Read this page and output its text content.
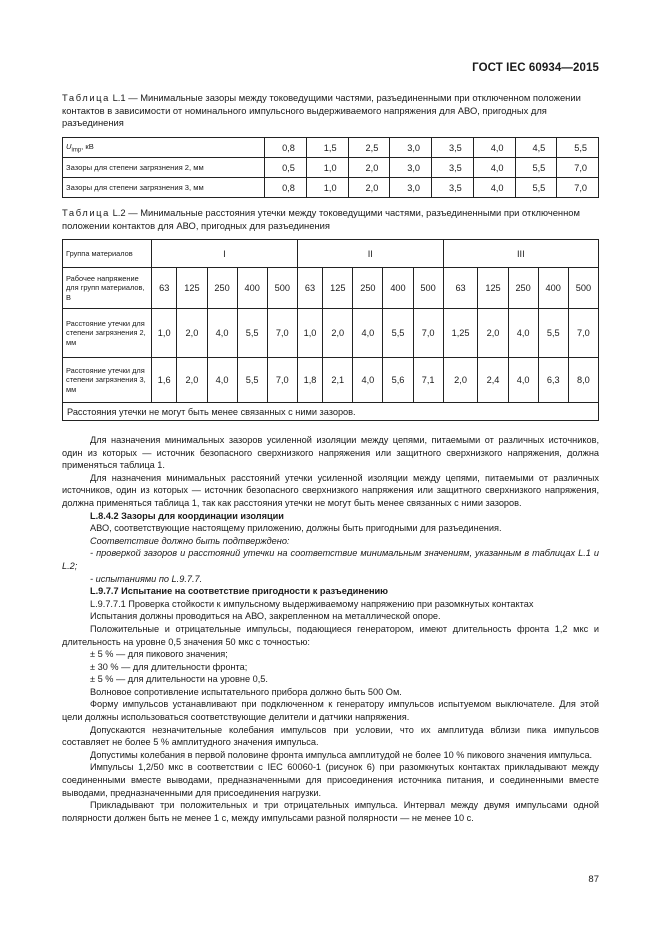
ГОСТ IEC 60934—2015
Таблица L.1 — Минимальные зазоры между токоведущими частями, разъединенными при отключенном положении контактов в зависимости от номинального импульсного выдерживаемого напряжения для АВО, пригодных для разъединения
$U_{imp}$, кВ	0,8	1,5	2,5	3,0	3,5	4,0	4,5	5,5
Зазоры для степени загрязнения 2, мм	0,5	1,0	2,0	3,0	3,5	4,0	5,5	7,0
Зазоры для степени загрязнения 3, мм	0,8	1,0	2,0	3,0	3,5	4,0	5,5	7,0
Таблица L.2 — Минимальные расстояния утечки между токоведущими частями, разъединенными при отключенном положении контактов для АВО, пригодных для разъединения
Группа материалов	I					II					III				
Рабочее напряжение для групп материалов, В	63	125	250	400	500	63	125	250	400	500	63	125	250	400	500
Расстояние утечки для степени загрязнения 2, мм	1,0	2,0	4,0	5,5	7,0	1,0	2,0	4,0	5,5	7,0	1,25	2,0	4,0	5,5	7,0
Расстояние утечки для степени загрязнения 3, мм	1,6	2,0	4,0	5,5	7,0	1,8	2,1	4,0	5,6	7,1	2,0	2,4	4,0	6,3	8,0
Расстояния утечки не могут быть менее связанных с ними зазоров.															

Для назначения минимальных зазоров усиленной изоляции между цепями, питаемыми от различных источников, один из которых — источник безопасного сверхнизкого напряжения или защитного сверхнизкого напряжения, должна применяться таблица 1.

Для назначения минимальных расстояний утечки усиленной изоляции между цепями, питаемыми от различных источников, один из которых — источник безопасного сверхнизкого напряжения или защитного сверхнизкого напряжения, должна применяться таблица 1, так как расстояния утечки не могут быть менее связанных с ними зазоров.

L.8.4.2 Зазоры для координации изоляции

АВО, соответствующие настоящему приложению, должны быть пригодными для разъединения.

Соответствие должно быть подтверждено:

- проверкой зазоров и расстояний утечки на соответствие минимальным значениям, указанным в таблицах L.1 и L.2;

- испытаниями по L.9.7.7.

L.9.7.7 Испытание на соответствие пригодности к разъединению

L.9.7.7.1 Проверка стойкости к импульсному выдерживаемому напряжению при разомкнутых контактах

Испытания должны проводиться на АВО, закрепленном на металлической опоре.

Положительные и отрицательные импульсы, подающиеся генератором, имеют длительность фронта 1,2 мкс и длительность на уровне 0,5 значения 50 мкс с точностью:

± 5 % — для пикового значения;

± 30 % — для длительности фронта;

± 5 % — для длительности на уровне 0,5.

Волновое сопротивление испытательного прибора должно быть 500 Ом.

Форму импульсов устанавливают при подключенном к генератору импульсов испытуемом выключателе. Для этой цели должны использоваться соответствующие делители и датчики напряжения.

Допускаются незначительные колебания импульсов при условии, что их амплитуда вблизи пика импульсов составляет не более 5 % амплитудного значения импульса.

Допустимы колебания в первой половине фронта импульса амплитудой не более 10 % пикового значения импульса.

Импульсы 1,2/50 мкс в соответствии с IEC 60060-1 (рисунок 6) при разомкнутых контактах прикладывают между соединенными вместе выводами, предназначенными для присоединения источника питания, и соединенными вместе выводами, предназначенными для присоединения нагрузки.

Прикладывают три положительных и три отрицательных импульса. Интервал между двумя импульсами одной полярности должен быть не менее 1 с, между импульсами разной полярности — не менее 10 с.

87
